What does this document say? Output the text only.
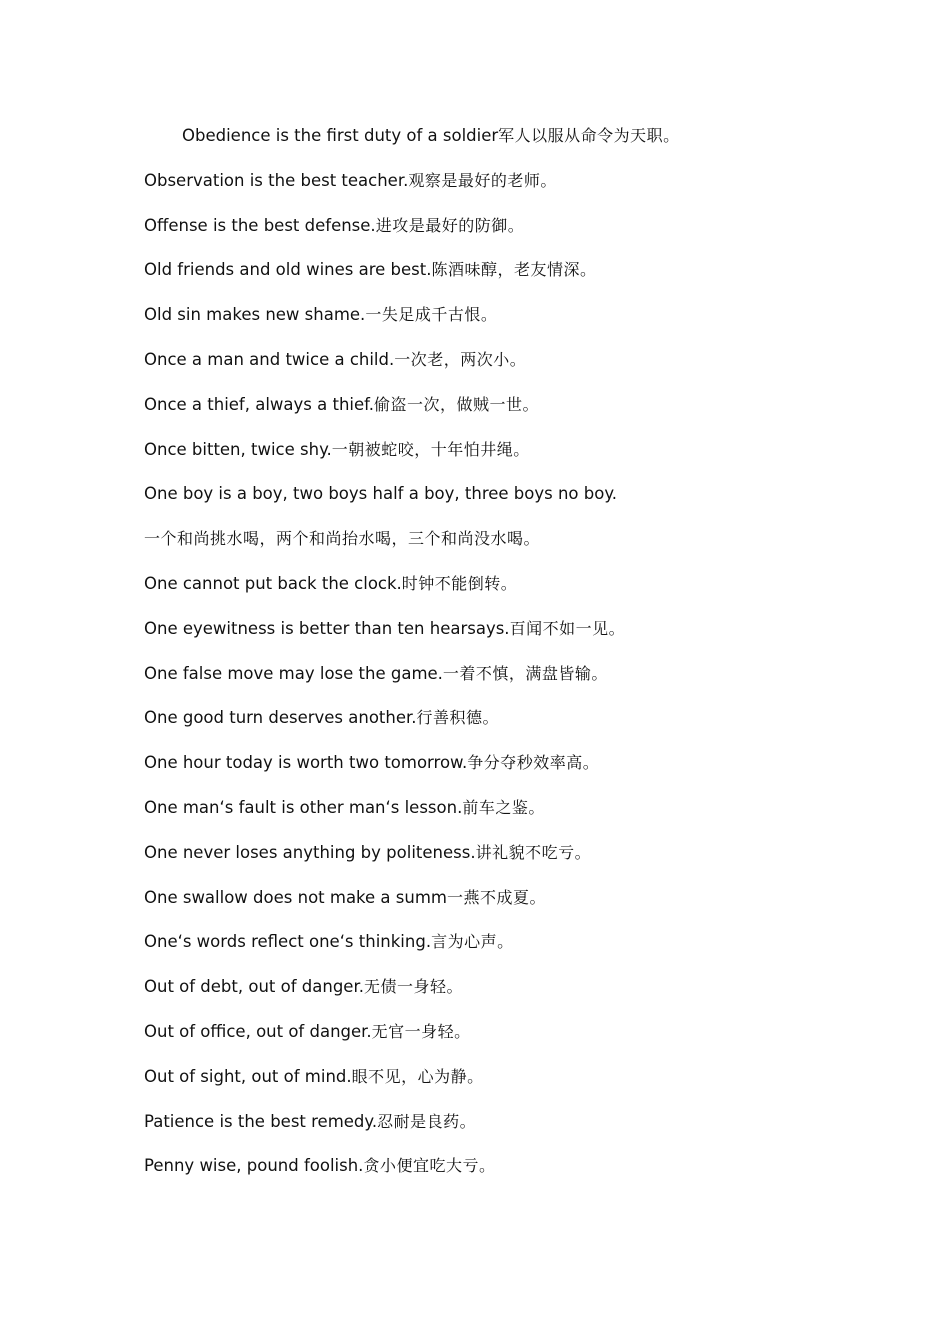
Obedience is the first duty of a soldier军人以服从命令为天职。
Observation is the best teacher.观察是最好的老师。
Offense is the best defense.进攻是最好的防御。
Old friends and old wines are best.陈酒味醇，老友情深。
Old sin makes new shame.一失足成千古恨。
Once a man and twice a child.一次老，两次小。
Once a thief, always a thief.偷盗一次，做贼一世。
Once bitten, twice shy.一朝被蛇咬，十年怕井绳。
One boy is a boy, two boys half a boy, three boys no boy.
一个和尚挑水喝，两个和尚抬水喝，三个和尚没水喝。
One cannot put back the clock.时钟不能倒转。
One eyewitness is better than ten hearsays.百闻不如一见。
One false move may lose the game.一着不慎，满盘皆输。
One good turn deserves another.行善积德。
One hour today is worth two tomorrow.争分夺秒效率高。
One man‘s fault is other man‘s lesson.前车之鉴。
One never loses anything by politeness.讲礼貌不吃亏。
One swallow does not make a summ一燕不成夏。
One‘s words reflect one‘s thinking.言为心声。
Out of debt, out of danger.无债一身轻。
Out of office, out of danger.无官一身轻。
Out of sight, out of mind.眼不见，心为静。
Patience is the best remedy.忍耐是良药。
Penny wise, pound foolish.贪小便宜吃大亏。
